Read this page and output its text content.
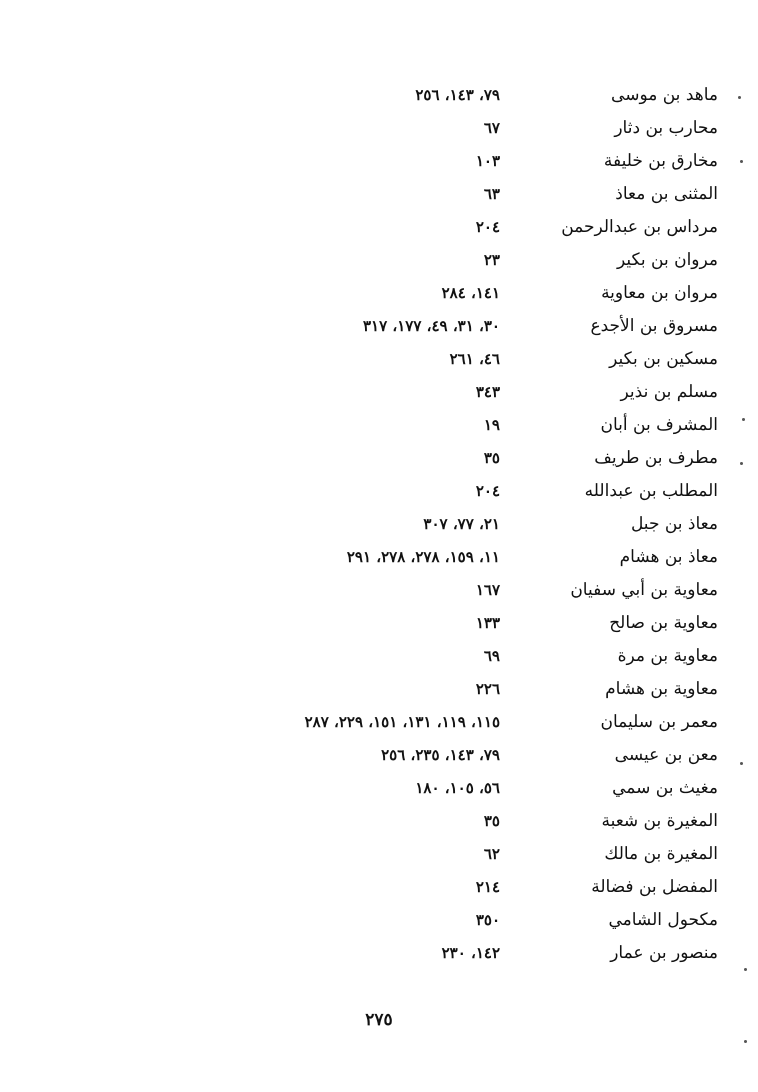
ماهد بن موسى
٧٩، ١٤٣، ٢٥٦
محارب بن دثار
٦٧
مخارق بن خليفة
١٠٣
المثنى بن معاذ
٦٣
مرداس بن عبدالرحمن
٢٠٤
مروان بن بكير
٢٣
مروان بن معاوية
١٤١، ٢٨٤
مسروق بن الأجدع
٣٠، ٣١، ٤٩، ١٧٧، ٣١٧
مسكين بن بكير
٤٦، ٢٦١
مسلم بن نذير
٣٤٣
المشرف بن أبان
١٩
مطرف بن طريف
٣٥
المطلب بن عبدالله
٢٠٤
معاذ بن جبل
٢١، ٧٧، ٣٠٧
معاذ بن هشام
١١، ١٥٩، ٢٧٨، ٢٧٨، ٢٩١
معاوية بن أبي سفيان
١٦٧
معاوية بن صالح
١٣٣
معاوية بن مرة
٦٩
معاوية بن هشام
٢٢٦
معمر بن سليمان
١١٥، ١١٩، ١٣١، ١٥١، ٢٢٩، ٢٨٧
معن بن عيسى
٧٩، ١٤٣، ٢٣٥، ٢٥٦
مغيث بن سمي
٥٦، ١٠٥، ١٨٠
المغيرة بن شعبة
٣٥
المغيرة بن مالك
٦٢
المفضل بن فضالة
٢١٤
مكحول الشامي
٣٥٠
منصور بن عمار
١٤٢، ٢٣٠
٢٧٥
